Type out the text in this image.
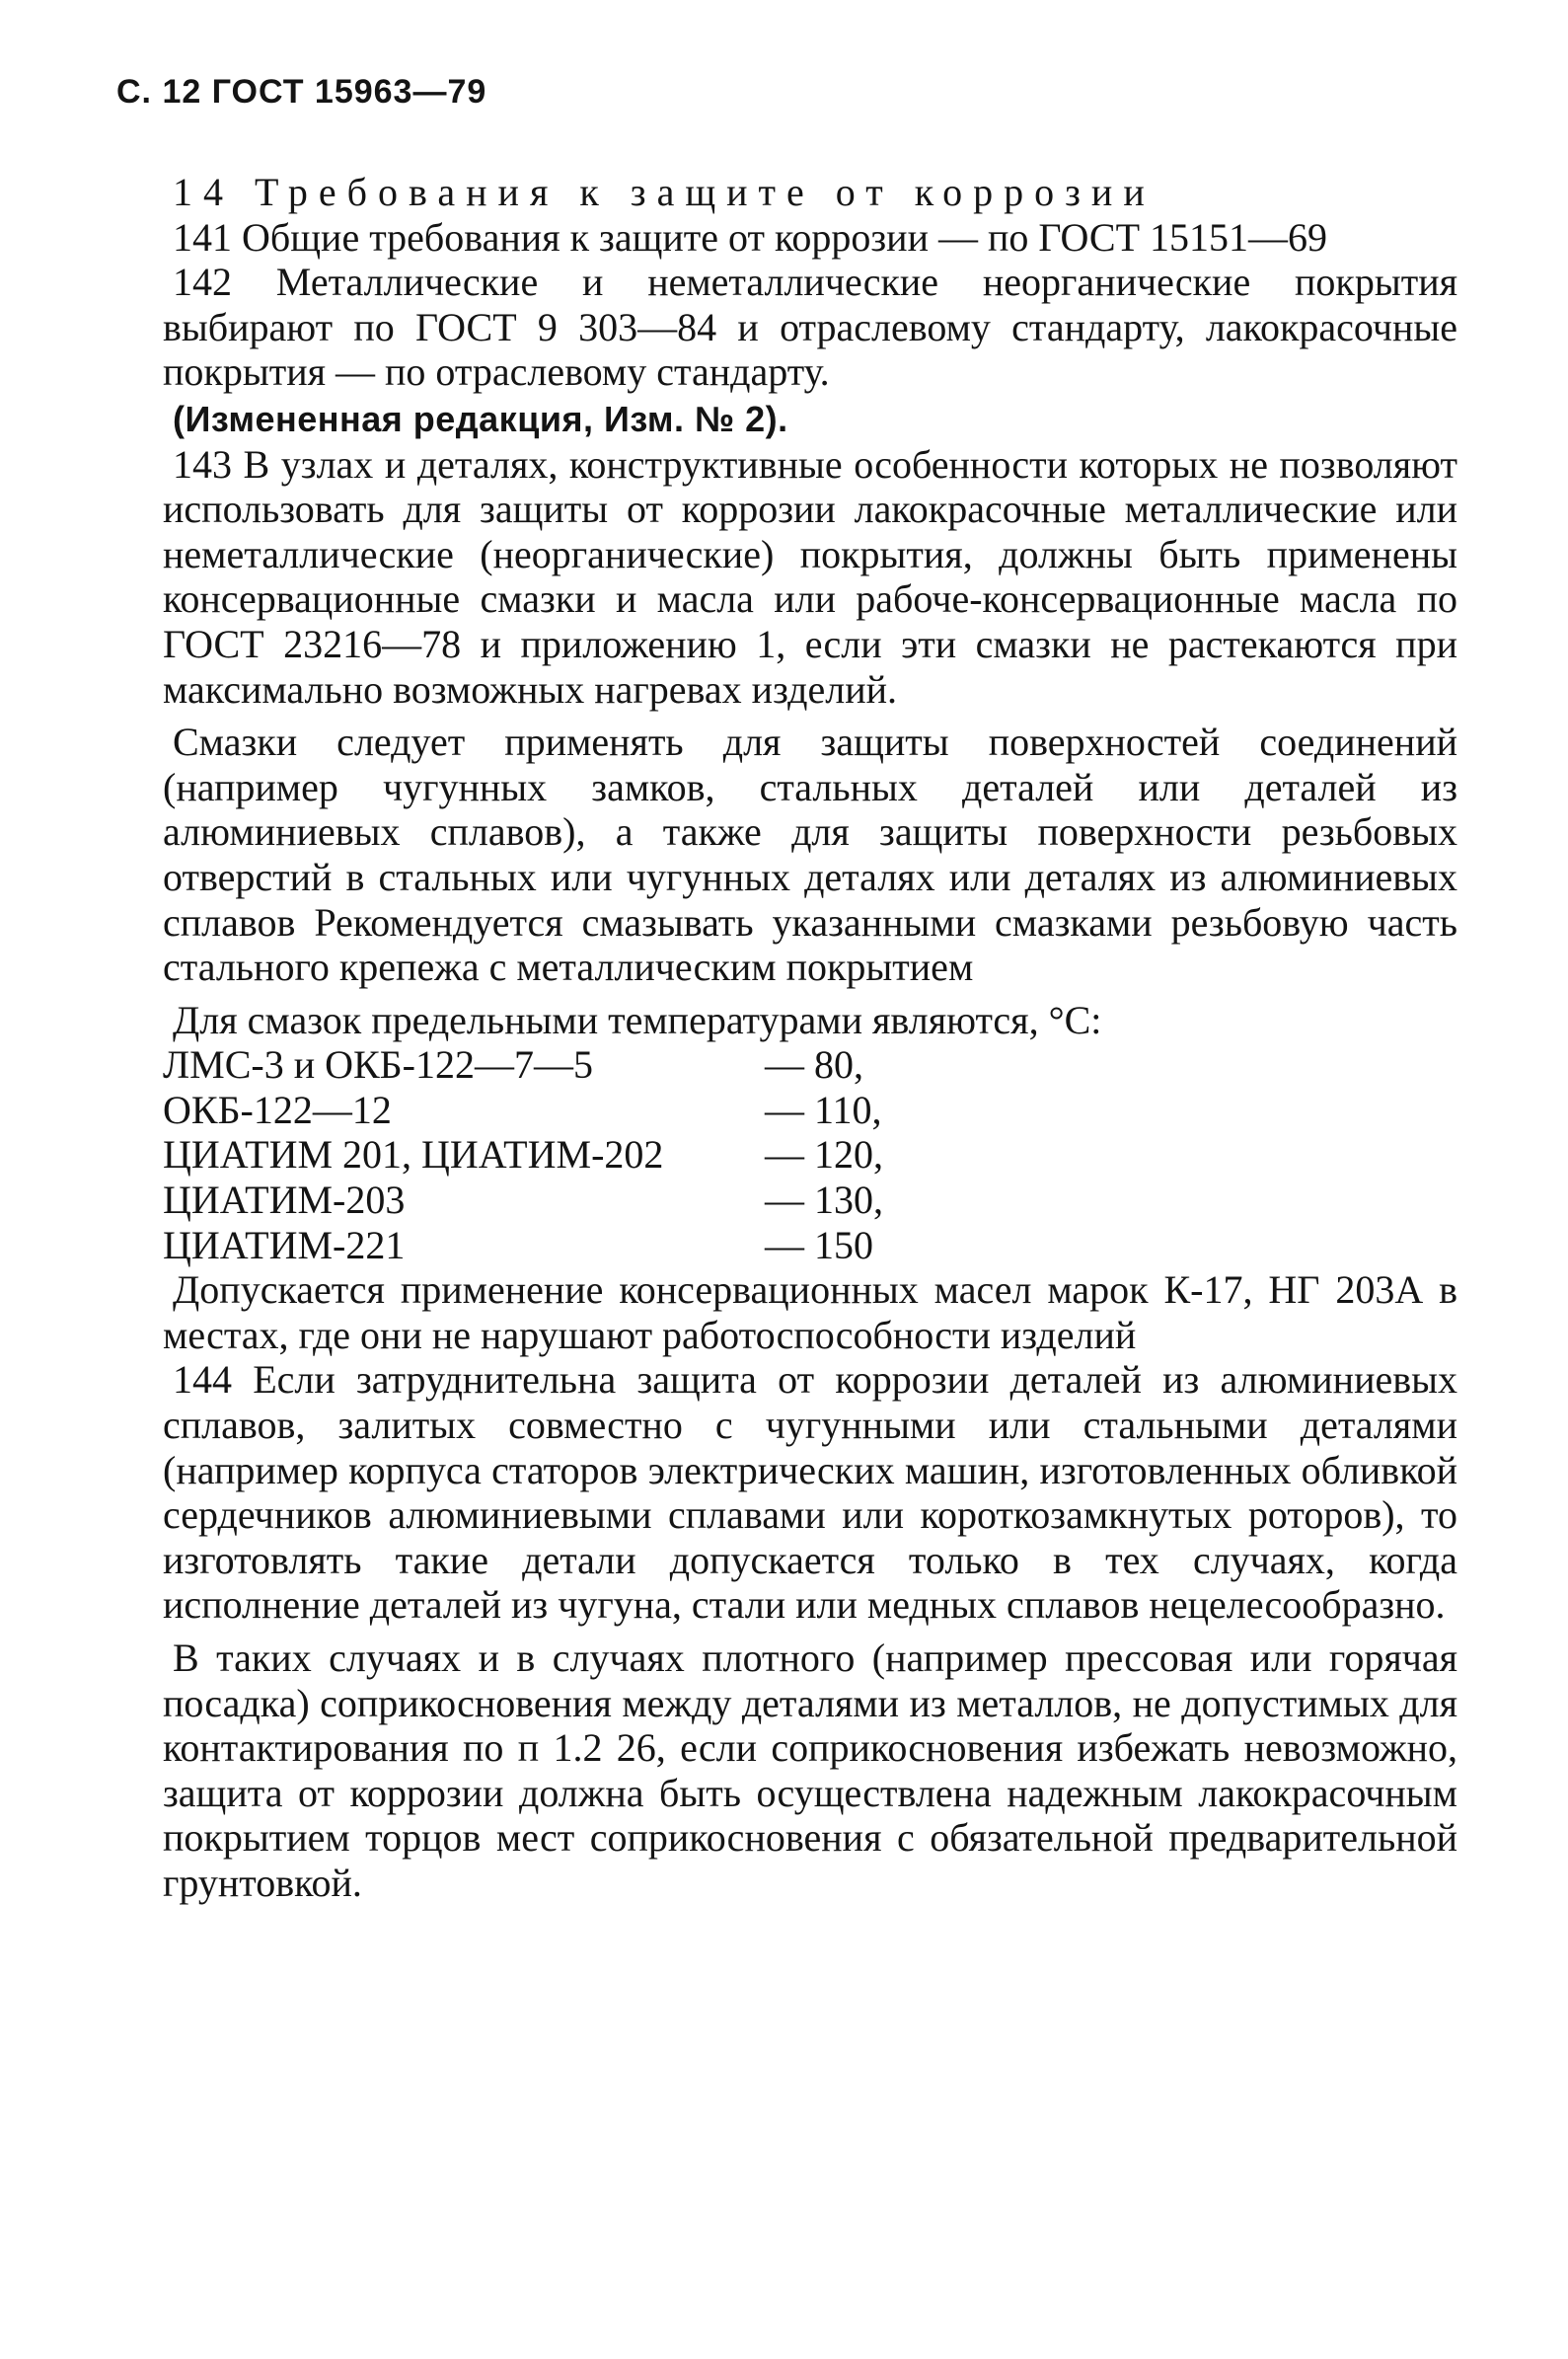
С. 12 ГОСТ 15963—79

14 Требования к защите от коррозии

141 Общие требования к защите от коррозии — по ГОСТ 15151—69

142 Металлические и неметаллические неорганические покрытия выбирают по ГОСТ 9 303—84 и отраслевому стандарту, лакокрасочные покрытия — по отраслевому стандарту.

(Измененная редакция, Изм. № 2).

143 В узлах и деталях, конструктивные особенности которых не позволяют использовать для защиты от коррозии лакокрасочные металлические или неметаллические (неорганические) покрытия, должны быть применены консервационные смазки и масла или рабоче-консервационные масла по ГОСТ 23216—78 и приложению 1, если эти смазки не растекаются при максимально возможных нагревах изделий.

Смазки следует применять для защиты поверхностей соединений (например чугунных замков, стальных деталей или деталей из алюминиевых сплавов), а также для защиты поверхности резьбовых отверстий в стальных или чугунных деталях или деталях из алюминиевых сплавов Рекомендуется смазывать указанными смазками резьбовую часть стального крепежа с металлическим покрытием

Для смазок предельными температурами являются, °С:

ЛМС-3 и ОКБ-122—7—5	— 80,
ОКБ-122—12	— 110,
ЦИАТИМ 201, ЦИАТИМ-202	— 120,
ЦИАТИМ-203	— 130,
ЦИАТИМ-221	— 150

Допускается применение консервационных масел марок К-17, НГ 203А в местах, где они не нарушают работоспособности изделий

144 Если затруднительна защита от коррозии деталей из алюминиевых сплавов, залитых совместно с чугунными или стальными деталями (например корпуса статоров электрических машин, изготовленных обливкой сердечников алюминиевыми сплавами или короткозамкнутых роторов), то изготовлять такие детали допускается только в тех случаях, когда исполнение деталей из чугуна, стали или медных сплавов нецелесообразно.

В таких случаях и в случаях плотного (например прессовая или горячая посадка) соприкосновения между деталями из металлов, не допустимых для контактирования по п 1.2 26, если соприкосновения избежать невозможно, защита от коррозии должна быть осуществлена надежным лакокрасочным покрытием торцов мест соприкосновения с обязательной предварительной грунтовкой.
